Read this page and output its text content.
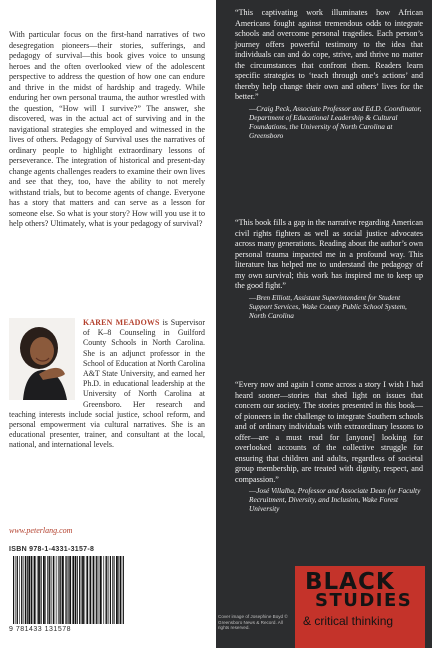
With particular focus on the first-hand narratives of two desegregation pioneers—their stories, sufferings, and pedagogy of survival—this book gives voice to unsung heroes and the often overlooked view of the adolescent perspective to address the question of how one can endure and thrive in the midst of hardship and tragedy. While enduring her own personal trauma, the author wrestled with the question, “How will I survive?” The answer, she discovered, was in the actual act of surviving and in the navigational strategies she employed and witnessed in the lives of others. Pedagogy of Survival uses the narratives of ordinary people to highlight extraordinary lessons of perseverance. The integration of historical and present-day change agents challenges readers to examine their own lives and see that they, too, have the ability to not merely withstand trials, but to become agents of change. Everyone has a story that matters and can serve as a lesson for someone else. So what is your story? How will you use it to help others? Ultimately, what is your pedagogy of survival?

KAREN MEADOWS is Supervisor of K–8 Counseling in Guilford County Schools in North Carolina. She is an adjunct professor in the School of Education at North Carolina A&T State University, and earned her Ph.D. in educational leadership at the University of North Carolina at Greensboro. Her research and teaching interests include social justice, school reform, and personal empowerment via cultural narratives. She is an educational presenter, trainer, and consultant at the local, national, and international levels.

www.peterlang.com
ISBN 978-1-4331-3157-8
9 781433 131578
Cover image of Josephine Boyd © Greensboro News & Record. All rights reserved.

“This captivating work illuminates how African Americans fought against tremendous odds to integrate schools and overcome personal tragedies. Each person’s journey offers powerful testimony to the idea that individuals can and do cope, strive, and thrive no matter the circumstances that confront them. Readers learn specific strategies to ‘teach through one’s actions’ and thereby help change their own and others’ lives for the better.”
—Craig Peck, Associate Professor and Ed.D. Coordinator, Department of Educational Leadership & Cultural Foundations, the University of North Carolina at Greensboro

“This book fills a gap in the narrative regarding American civil rights fighters as well as social justice advocates across many generations. Reading about the author’s own personal trauma impacted me in a profound way. This literature has helped me to understand the pedagogy of my own survival; this work has inspired me to keep up the good fight.”
—Bren Elliott, Assistant Superintendent for Student Support Services, Wake County Public School System, North Carolina

“Every now and again I come across a story I wish I had heard sooner—stories that shed light on issues that concern our society. The stories presented in this book—of pioneers in the challenge to integrate Southern schools and of ordinary individuals with extraordinary lessons to offer—are a must read for [anyone] looking for overlooked accounts of the collective struggle for ensuring that children and adults, regardless of societal group membership, are treated with dignity, respect, and compassion.”
—José Villalba, Professor and Associate Dean for Faculty Recruitment, Diversity, and Inclusion, Wake Forest University

BLACK
STUDIES
& critical thinking
